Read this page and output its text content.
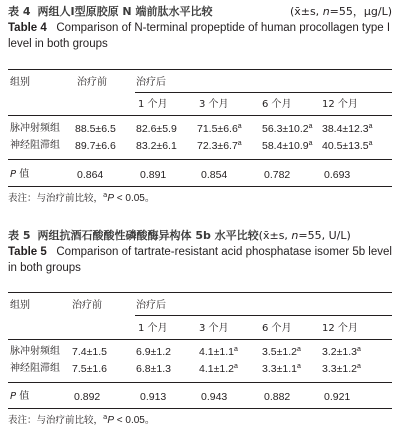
表 4 两组人Ⅰ型原胶原 N 端前肽水平比较	(x̄±s, n=55，μg/L)
Table 4 Comparison of N-terminal propeptide of human procollagen type I level in both groups
组别	治疗前	治疗后
1 个月	3 个月	6 个月	12 个月
脉冲射频组 88.5±6.5 82.6±5.9 71.5±6.6$^a$ 56.3±10.2$^a$ 38.4±12.3$^a$
神经阻滞组 89.7±6.6 83.2±6.1 72.3±6.7$^a$ 58.4±10.9$^a$ 40.5±13.5$^a$
P 值	0.864	0.891	0.854	0.782	0.693
表注：与治疗前比较，$^a$P < 0.05。
表 5 两组抗酒石酸酸性磷酸酶异构体 5b 水平比较(x̄±s, n=55, U/L)
Table 5 Comparison of tartrate-resistant acid phosphatase isomer 5b level in both groups
组别	治疗前	治疗后
1 个月	3 个月	6 个月	12 个月
脉冲射频组 7.4±1.5	6.9±1.2	4.1±1.1$^a$ 3.5±1.2$^a$ 3.2±1.3$^a$
神经阻滞组 7.5±1.6	6.8±1.3	4.1±1.2$^a$ 3.3±1.1$^a$ 3.3±1.2$^a$
P 值	0.892	0.913	0.943	0.882	0.921
表注：与治疗前比较，$^a$P < 0.05。
